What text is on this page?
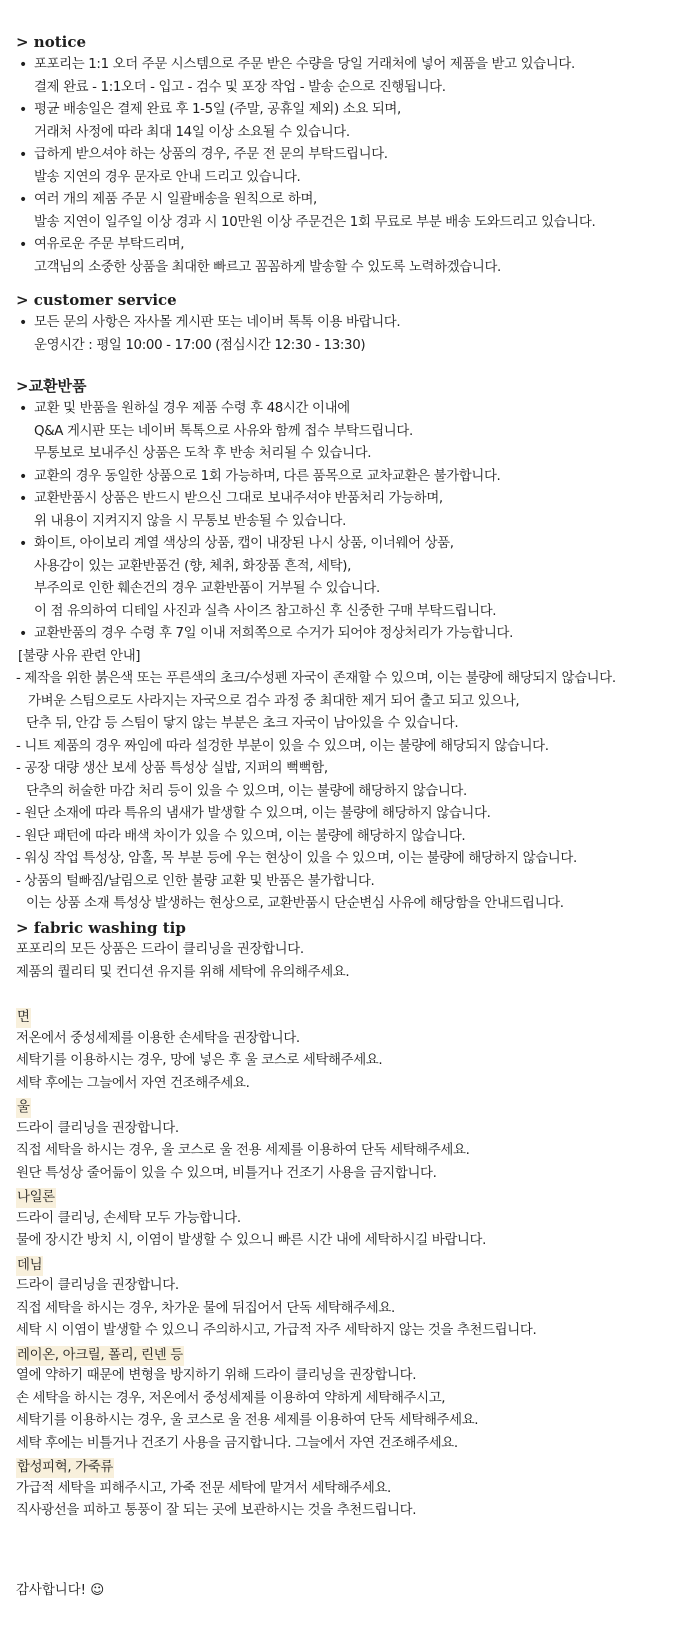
> notice
• 포포리는 1:1 오더 주문 시스템으로 주문 받은 수량을 당일 거래처에 넣어 제품을 받고 있습니다.
결제 완료 - 1:1오더 - 입고 - 검수 및 포장 작업 - 발송 순으로 진행됩니다.
• 평균 배송일은 결제 완료 후 1-5일 (주말, 공휴일 제외) 소요 되며,
거래처 사정에 따라 최대 14일 이상 소요될 수 있습니다.
• 급하게 받으셔야 하는 상품의 경우, 주문 전 문의 부탁드립니다.
발송 지연의 경우 문자로 안내 드리고 있습니다.
• 여러 개의 제품 주문 시 일괄배송을 원칙으로 하며,
발송 지연이 일주일 이상 경과 시 10만원 이상 주문건은 1회 무료로 부분 배송 도와드리고 있습니다.
• 여유로운 주문 부탁드리며,
고객님의 소중한 상품을 최대한 빠르고 꼼꼼하게 발송할 수 있도록 노력하겠습니다.
> customer service
• 모든 문의 사항은 자사몰 게시판 또는 네이버 톡톡 이용 바랍니다.
운영시간 : 평일 10:00 - 17:00 (점심시간 12:30 - 13:30)
>교환반품
• 교환 및 반품을 원하실 경우 제품 수령 후 48시간 이내에
Q&A 게시판 또는 네이버 톡톡으로 사유와 함께 접수 부탁드립니다.
무통보로 보내주신 상품은 도착 후 반송 처리될 수 있습니다.
• 교환의 경우 동일한 상품으로 1회 가능하며, 다른 품목으로 교차교환은 불가합니다.
• 교환반품시 상품은 반드시 받으신 그대로 보내주셔야 반품처리 가능하며,
위 내용이 지켜지지 않을 시 무통보 반송될 수 있습니다.
• 화이트, 아이보리 계열 색상의 상품, 캡이 내장된 나시 상품, 이너웨어 상품,
사용감이 있는 교환반품건 (향, 체취, 화장품 흔적, 세탁),
부주의로 인한 훼손건의 경우 교환반품이 거부될 수 있습니다.
이 점 유의하여 디테일 사진과 실측 사이즈 참고하신 후 신중한 구매 부탁드립니다.
• 교환반품의 경우 수령 후 7일 이내 저희쪽으로 수거가 되어야 정상처리가 가능합니다.
[불량 사유 관련 안내]
- 제작을 위한 붉은색 또는 푸른색의 초크/수성펜 자국이 존재할 수 있으며, 이는 불량에 해당되지 않습니다.
가벼운 스팀으로도 사라지는 자국으로 검수 과정 중 최대한 제거 되어 출고 되고 있으나,
단추 뒤, 안감 등 스팀이 닿지 않는 부분은 초크 자국이 남아있을 수 있습니다.
- 니트 제품의 경우 짜임에 따라 설겅한 부분이 있을 수 있으며, 이는 불량에 해당되지 않습니다.
- 공장 대량 생산 보세 상품 특성상 실밥, 지퍼의 뻑뻑함,
단추의 허술한 마감 처리 등이 있을 수 있으며, 이는 불량에 해당하지 않습니다.
- 원단 소재에 따라 특유의 냄새가 발생할 수 있으며, 이는 불량에 해당하지 않습니다.
- 원단 패턴에 따라 배색 차이가 있을 수 있으며, 이는 불량에 해당하지 않습니다.
- 워싱 작업 특성상, 암홀, 목 부분 등에 우는 현상이 있을 수 있으며, 이는 불량에 해당하지 않습니다.
- 상품의 털빠짐/날림으로 인한 불량 교환 및 반품은 불가합니다.
이는 상품 소재 특성상 발생하는 현상으로, 교환반품시 단순변심 사유에 해당함을 안내드립니다.
> fabric washing tip
포포리의 모든 상품은 드라이 클리닝을 권장합니다.
제품의 퀄리티 및 컨디션 유지를 위해 세탁에 유의해주세요.
면
저온에서 중성세제를 이용한 손세탁을 권장합니다.
세탁기를 이용하시는 경우, 망에 넣은 후 울 코스로 세탁해주세요.
세탁 후에는 그늘에서 자연 건조해주세요.
울
드라이 클리닝을 권장합니다.
직접 세탁을 하시는 경우, 울 코스로 울 전용 세제를 이용하여 단독 세탁해주세요.
원단 특성상 줄어듦이 있을 수 있으며, 비틀거나 건조기 사용을 금지합니다.
나일론
드라이 클리닝, 손세탁 모두 가능합니다.
물에 장시간 방치 시, 이염이 발생할 수 있으니 빠른 시간 내에 세탁하시길 바랍니다.
데님
드라이 클리닝을 권장합니다.
직접 세탁을 하시는 경우, 차가운 물에 뒤집어서 단독 세탁해주세요.
세탁 시 이염이 발생할 수 있으니 주의하시고, 가급적 자주 세탁하지 않는 것을 추천드립니다.
레이온, 아크릴, 폴리, 린넨 등
열에 약하기 때문에 변형을 방지하기 위해 드라이 클리닝을 권장합니다.
손 세탁을 하시는 경우, 저온에서 중성세제를 이용하여 약하게 세탁해주시고,
세탁기를 이용하시는 경우, 울 코스로 울 전용 세제를 이용하여 단독 세탁해주세요.
세탁 후에는 비틀거나 건조기 사용을 금지합니다. 그늘에서 자연 건조해주세요.
합성피혁, 가죽류
가급적 세탁을 피해주시고, 가죽 전문 세탁에 맡겨서 세탁해주세요.
직사광선을 피하고 통풍이 잘 되는 곳에 보관하시는 것을 추천드립니다.
감사합니다! ☺
